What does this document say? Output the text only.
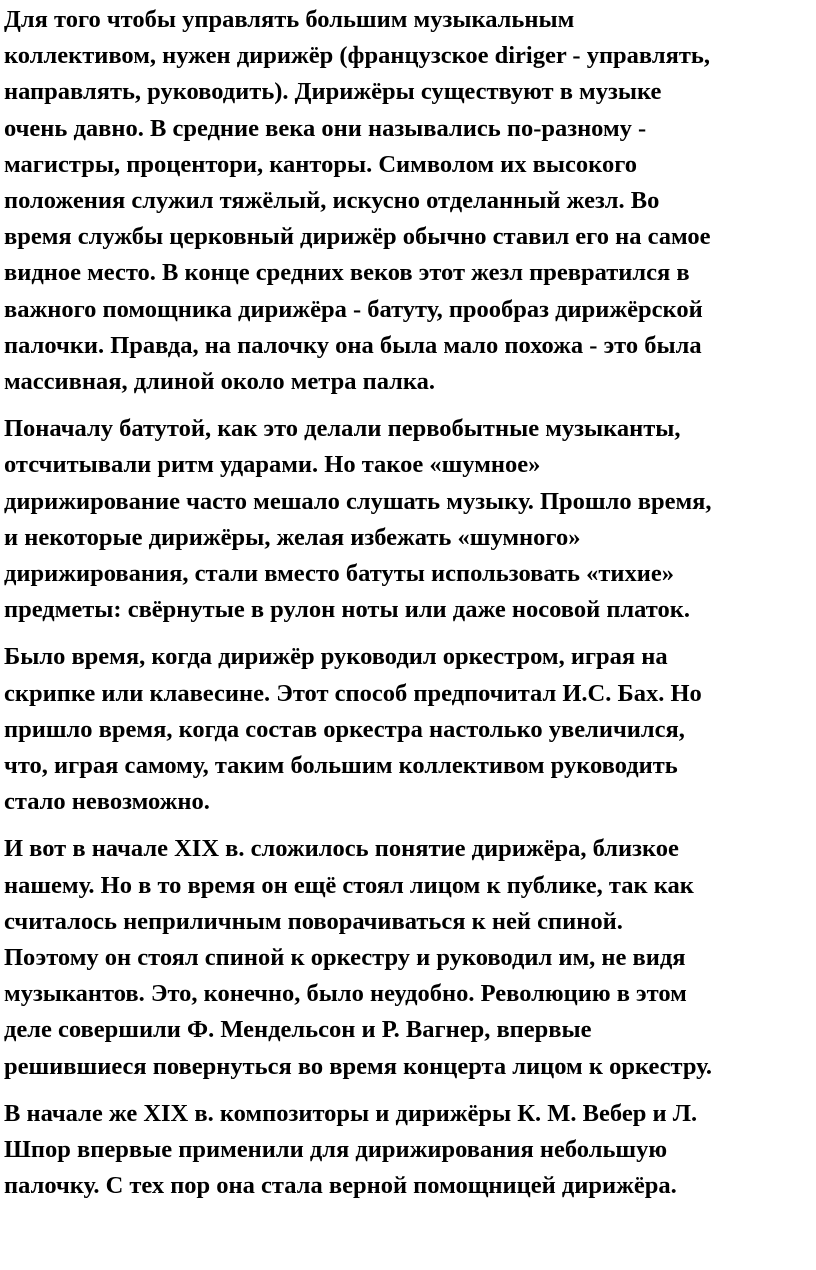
Для того чтобы управлять большим музыкальным
коллективом, нужен дирижёр (французское diriger - управлять,
направлять, руководить). Дирижёры существуют в музыке
очень давно. В средние века они назывались по-разному -
магистры, процентори, канторы. Символом их высокого
положения служил тяжёлый, искусно отделанный жезл. Во
время службы церковный дирижёр обычно ставил его на самое
видное место. В конце средних веков этот жезл превратился в
важного помощника дирижёра - батуту, прообраз дирижёрской
палочки. Правда, на палочку она была мало похожа - это была
массивная, длиной около метра палка.

Поначалу батутой, как это делали первобытные музыканты,
отсчитывали ритм ударами. Но такое «шумное»
дирижирование часто мешало слушать музыку. Прошло время,
и некоторые дирижёры, желая избежать «шумного»
дирижирования, стали вместо батуты использовать «тихие»
предметы: свёрнутые в рулон ноты или даже носовой платок.

Было время, когда дирижёр руководил оркестром, играя на
скрипке или клавесине. Этот способ предпочитал И.С. Бах. Но
пришло время, когда состав оркестра настолько увеличился,
что, играя самому, таким большим коллективом руководить
стало невозможно.

И вот в начале XIX в. сложилось понятие дирижёра, близкое
нашему. Но в то время он ещё стоял лицом к публике, так как
считалось неприличным поворачиваться к ней спиной.
Поэтому он стоял спиной к оркестру и руководил им, не видя
музыкантов. Это, конечно, было неудобно. Революцию в этом
деле совершили Ф. Мендельсон и Р. Вагнер, впервые
решившиеся повернуться во время концерта лицом к оркестру.

В начале же XIX в. композиторы и дирижёры К. М. Вебер и Л.
Шпор впервые применили для дирижирования небольшую
палочку. С тех пор она стала верной помощницей дирижёра.
